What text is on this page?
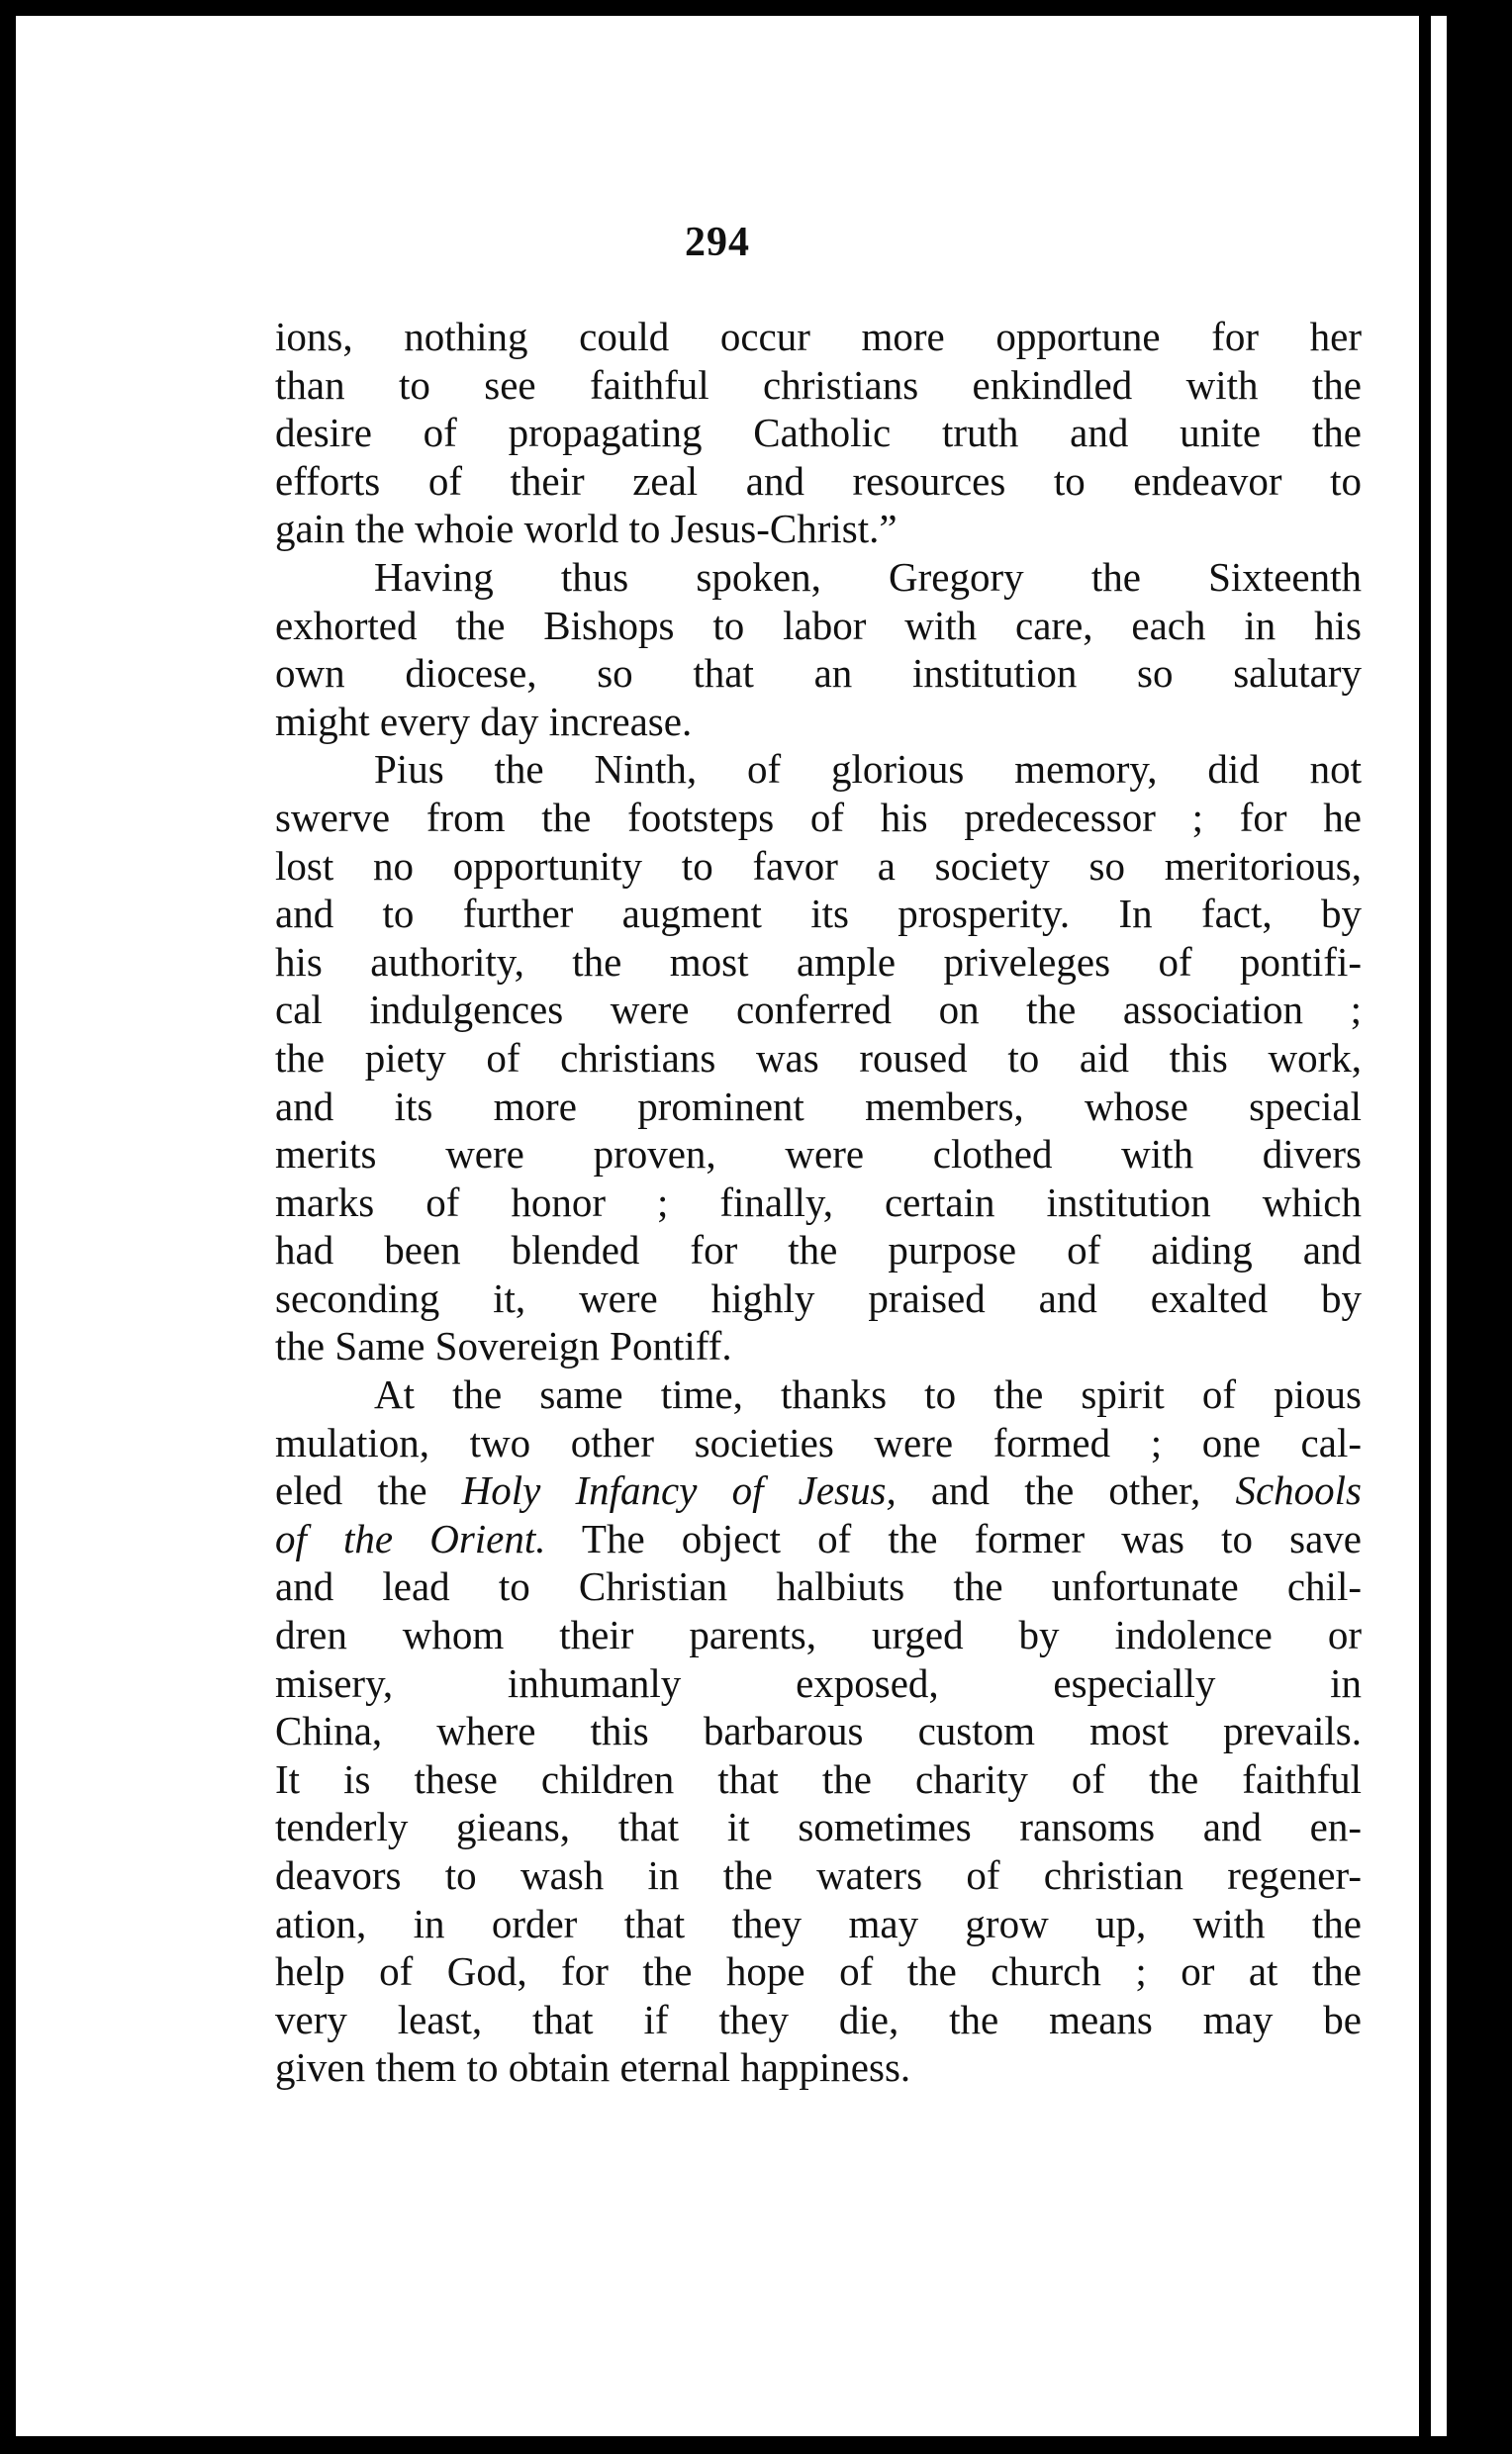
294
ions, nothing could occur more opportune for her
than to see faithful christians enkindled with the
desire of propagating Catholic truth and unite the
efforts of their zeal and resources to endeavor to
gain the whoie world to Jesus-Christ.”
Having thus spoken, Gregory the Sixteenth
exhorted the Bishops to labor with care, each in his
own diocese, so that an institution so salutary
might every day increase.
Pius the Ninth, of glorious memory, did not
swerve from the footsteps of his predecessor ; for he
lost no opportunity to favor a society so meritorious,
and to further augment its prosperity. In fact, by
his authority, the most ample priveleges of pontifi-
cal indulgences were conferred on the association ;
the piety of christians was roused to aid this work,
and its more prominent members, whose special
merits were proven, were clothed with divers
marks of honor ; finally, certain institution which
had been blended for the purpose of aiding and
seconding it, were highly praised and exalted by
the Same Sovereign Pontiff.
At the same time, thanks to the spirit of pious
mulation, two other societies were formed ; one cal-
eled the Holy Infancy of Jesus, and the other, Schools
of the Orient. The object of the former was to save
and lead to Christian halbiuts the unfortunate chil-
dren whom their parents, urged by indolence or
misery, inhumanly exposed, especially in
China, where this barbarous custom most prevails.
It is these children that the charity of the faithful
tenderly gieans, that it sometimes ransoms and en-
deavors to wash in the waters of christian regener-
ation, in order that they may grow up, with the
help of God, for the hope of the church ; or at the
very least, that if they die, the means may be
given them to obtain eternal happiness.
